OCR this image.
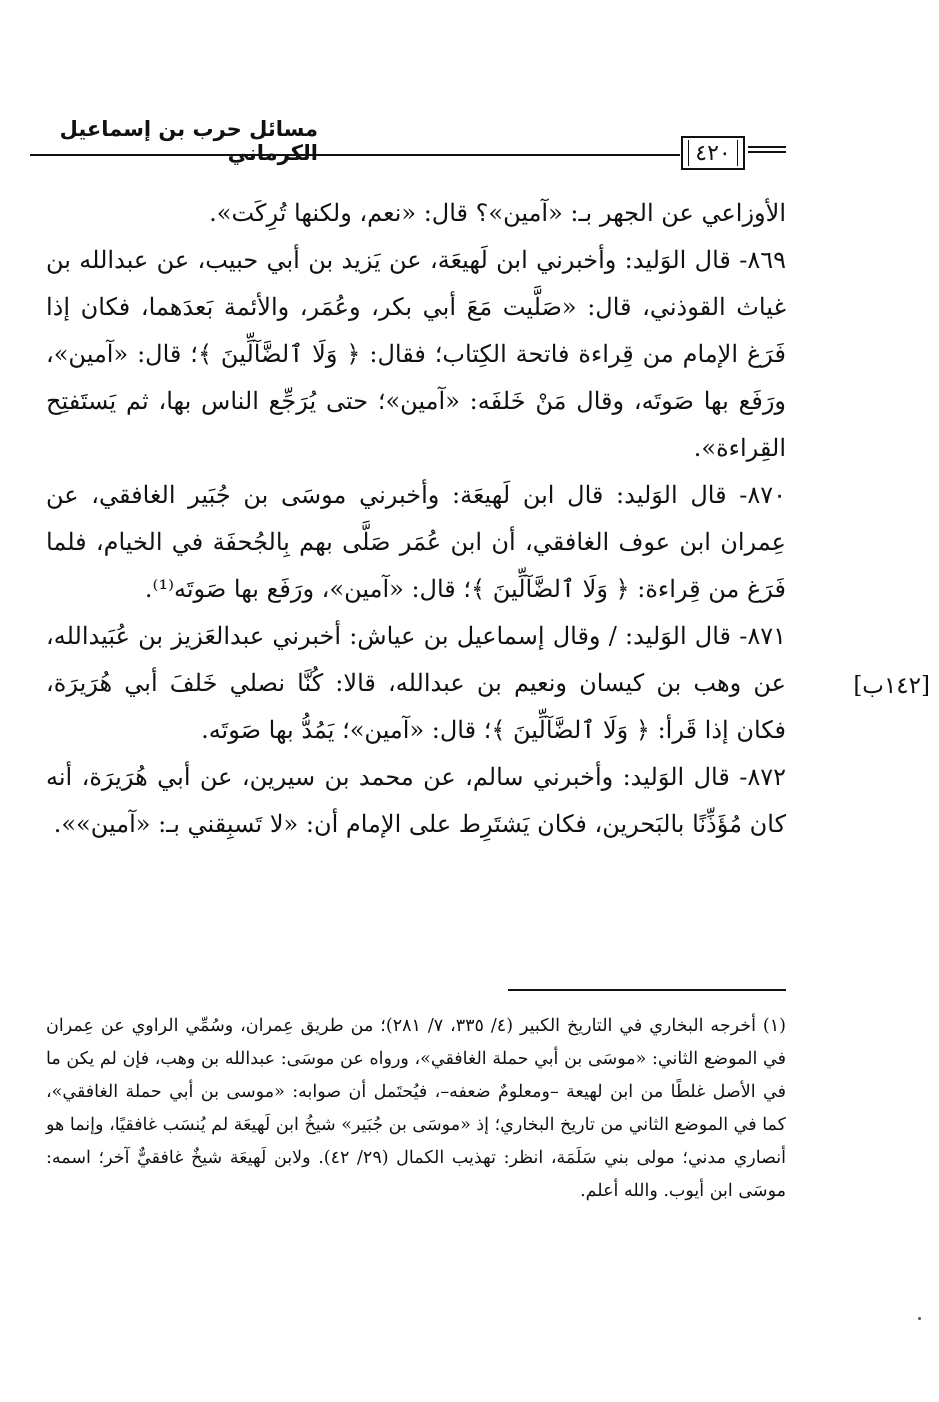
مسائل حرب بن إسماعيل الكرماني	٤٢٠
[١٤٢ب]

الأوزاعي عن الجهر بـ: «آمين»؟ قال: «نعم، ولكنها تُرِكَت».

٨٦٩- قال الوَليد: وأخبرني ابن لَهيعَة، عن يَزيد بن أبي حبيب، عن عبدالله بن غياث القوذني، قال: «صَلَّيت مَعَ أبي بكر، وعُمَر، والأئمة بَعدَهما، فكان إذا فَرَغ الإمام من قِراءة فاتحة الكِتاب؛ فقال: ﴿ وَلَا ٱلضَّآلِّينَ ﴾؛ قال: «آمين»، ورَفَع بها صَوتَه، وقال مَنْ خَلفَه: «آمين»؛ حتى يُرَجِّع الناس بها، ثم يَستَفتِح القِراءة».

٨٧٠- قال الوَليد: قال ابن لَهيعَة: وأخبرني موسَى بن جُبَير الغافقي، عن عِمران ابن عوف الغافقي، أن ابن عُمَر صَلَّى بهم بِالجُحفَة في الخيام، فلما فَرَغ من قِراءة: ﴿ وَلَا ٱلضَّآلِّينَ ﴾؛ قال: «آمين»، ورَفَع بها صَوتَه⁽¹⁾.

٨٧١- قال الوَليد: / وقال إسماعيل بن عياش: أخبرني عبدالعَزيز بن عُبَيدالله، عن وهب بن كيسان ونعيم بن عبدالله، قالا: كُنَّا نصلي خَلفَ أبي هُرَيرَة، فكان إذا قَرأ: ﴿ وَلَا ٱلضَّآلِّينَ ﴾؛ قال: «آمين»؛ يَمُدُّ بها صَوتَه.

٨٧٢- قال الوَليد: وأخبرني سالم، عن محمد بن سيرين، عن أبي هُرَيرَة، أنه كان مُؤَذِّنًا بالبَحرين، فكان يَشتَرِط على الإمام أن: «لا تَسبِقني بـ: «آمين»».

(١) أخرجه البخاري في التاريخ الكبير (٤/ ٣٣٥، ٧/ ٢٨١)؛ من طريق عِمران، وسُمِّي الراوي عن عِمران في الموضع الثاني: «موسَى بن أبي حملة الغافقي»، ورواه عن موسَى: عبدالله بن وهب، فإن لم يكن ما في الأصل غلطًا من ابن لهيعة –ومعلومٌ ضعفه–، فيُحتَمل أن صوابه: «موسى بن أبي حملة الغافقي»، كما في الموضع الثاني من تاريخ البخاري؛ إذ «موسَى بن جُبَير» شيخُ ابن لَهيعَة لم يُنسَب غافقيًا، وإنما هو أنصاري مدني؛ مولى بني سَلَمَة، انظر: تهذيب الكمال (٢٩/ ٤٢). ولابن لَهيعَة شيخٌ غافقيٌّ آخر؛ اسمه: موسَى ابن أيوب. والله أعلم.
